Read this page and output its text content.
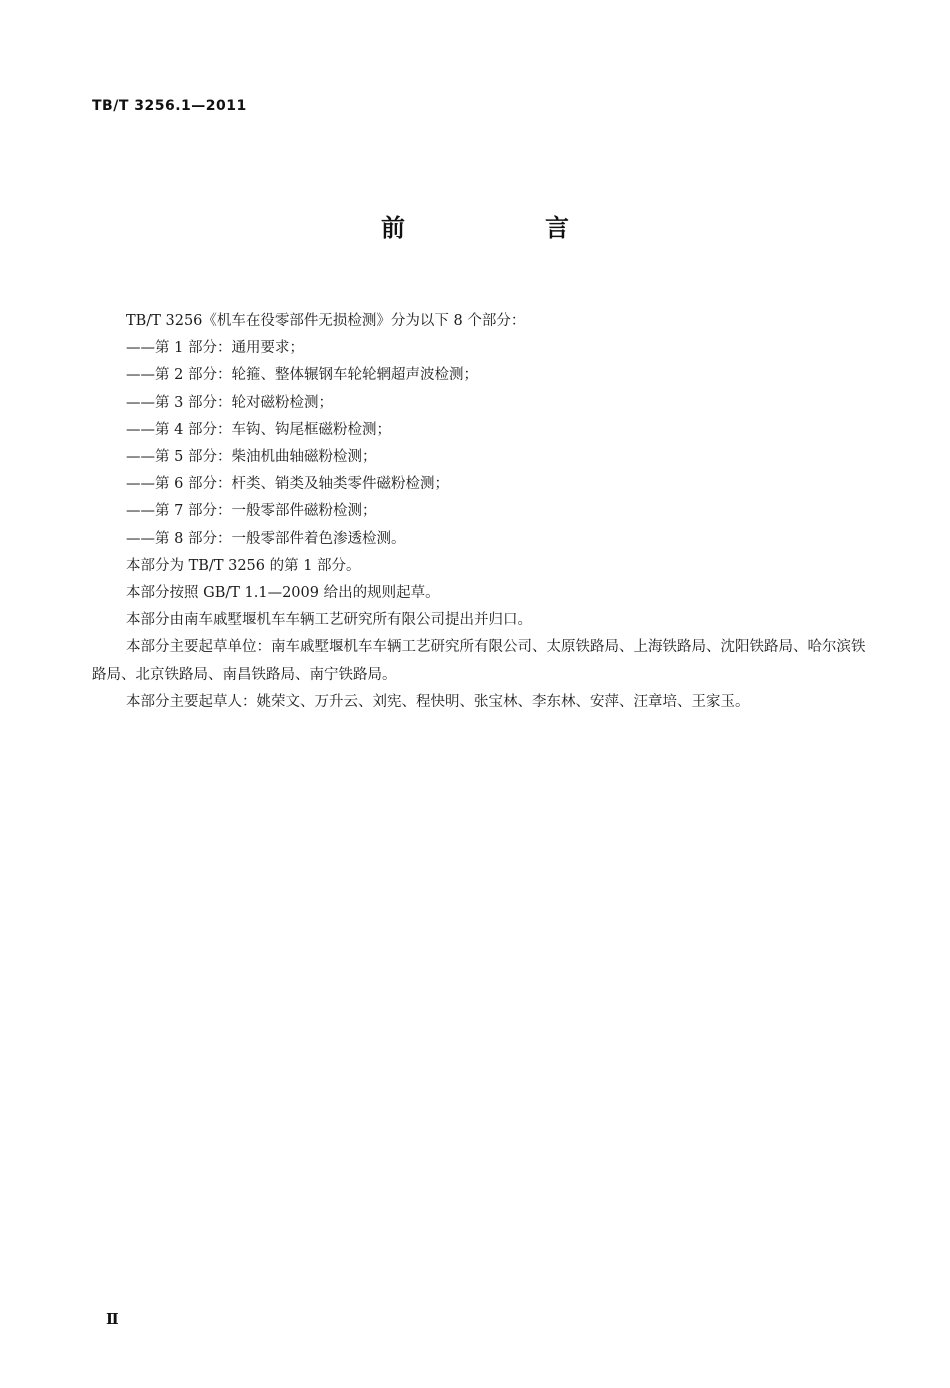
TB/T 3256.1—2011
前　言

TB/T 3256《机车在役零部件无损检测》分为以下 8 个部分：

——第 1 部分：通用要求；

——第 2 部分：轮箍、整体辗钢车轮轮辋超声波检测；

——第 3 部分：轮对磁粉检测；

——第 4 部分：车钩、钩尾框磁粉检测；

——第 5 部分：柴油机曲轴磁粉检测；

——第 6 部分：杆类、销类及轴类零件磁粉检测；

——第 7 部分：一般零部件磁粉检测；

——第 8 部分：一般零部件着色渗透检测。

本部分为 TB/T 3256 的第 1 部分。

本部分按照 GB/T 1.1—2009 给出的规则起草。

本部分由南车戚墅堰机车车辆工艺研究所有限公司提出并归口。

本部分主要起草单位：南车戚墅堰机车车辆工艺研究所有限公司、太原铁路局、上海铁路局、沈阳铁路局、哈尔滨铁路局、北京铁路局、南昌铁路局、南宁铁路局。

本部分主要起草人：姚荣文、万升云、刘宪、程快明、张宝林、李东林、安萍、汪章培、王家玉。

Ⅱ
